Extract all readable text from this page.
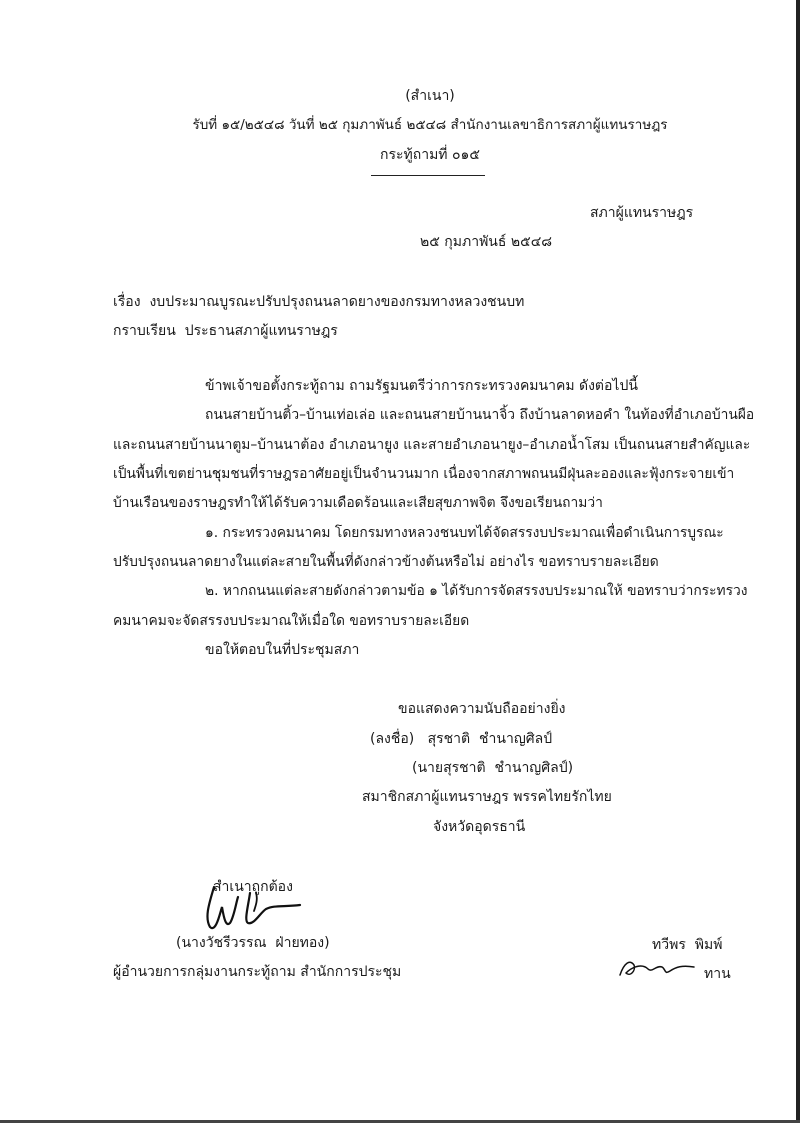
(สำเนา)
รับที่ ๑๕/๒๕๔๘ วันที่ ๒๕ กุมภาพันธ์ ๒๕๔๘ สำนักงานเลขาธิการสภาผู้แทนราษฎร
กระทู้ถามที่ ๐๑๕
สภาผู้แทนราษฎร
๒๕ กุมภาพันธ์ ๒๕๔๘
เรื่อง งบประมาณบูรณะปรับปรุงถนนลาดยางของกรมทางหลวงชนบท
กราบเรียน ประธานสภาผู้แทนราษฎร
ข้าพเจ้าขอตั้งกระทู้ถาม ถามรัฐมนตรีว่าการกระทรวงคมนาคม ดังต่อไปนี้
ถนนสายบ้านติ้ว–บ้านเท่อเล่อ และถนนสายบ้านนาจิ้ว ถึงบ้านลาดหอคำ ในท้องที่อำเภอบ้านผือ
และถนนสายบ้านนาตูม–บ้านนาต้อง อำเภอนายูง และสายอำเภอนายูง–อำเภอน้ำโสม เป็นถนนสายสำคัญและ
เป็นพื้นที่เขตย่านชุมชนที่ราษฎรอาศัยอยู่เป็นจำนวนมาก เนื่องจากสภาพถนนมีฝุ่นละอองและฟุ้งกระจายเข้า
บ้านเรือนของราษฎรทำให้ได้รับความเดือดร้อนและเสียสุขภาพจิต จึงขอเรียนถามว่า
๑. กระทรวงคมนาคม โดยกรมทางหลวงชนบทได้จัดสรรงบประมาณเพื่อดำเนินการบูรณะ
ปรับปรุงถนนลาดยางในแต่ละสายในพื้นที่ดังกล่าวข้างต้นหรือไม่ อย่างไร ขอทราบรายละเอียด
๒. หากถนนแต่ละสายดังกล่าวตามข้อ ๑ ได้รับการจัดสรรงบประมาณให้ ขอทราบว่ากระทรวง
คมนาคมจะจัดสรรงบประมาณให้เมื่อใด ขอทราบรายละเอียด
ขอให้ตอบในที่ประชุมสภา
ขอแสดงความนับถืออย่างยิ่ง
(ลงชื่อ)   สุรชาติ  ชำนาญศิลป์
(นายสุรชาติ  ชำนาญศิลป์)
สมาชิกสภาผู้แทนราษฎร พรรคไทยรักไทย
จังหวัดอุดรธานี
สำเนาถูกต้อง
(นางวัชรีวรรณ  ฝ่ายทอง)
ผู้อำนวยการกลุ่มงานกระทู้ถาม สำนักการประชุม
ทวีพร  พิมพ์
ทาน
